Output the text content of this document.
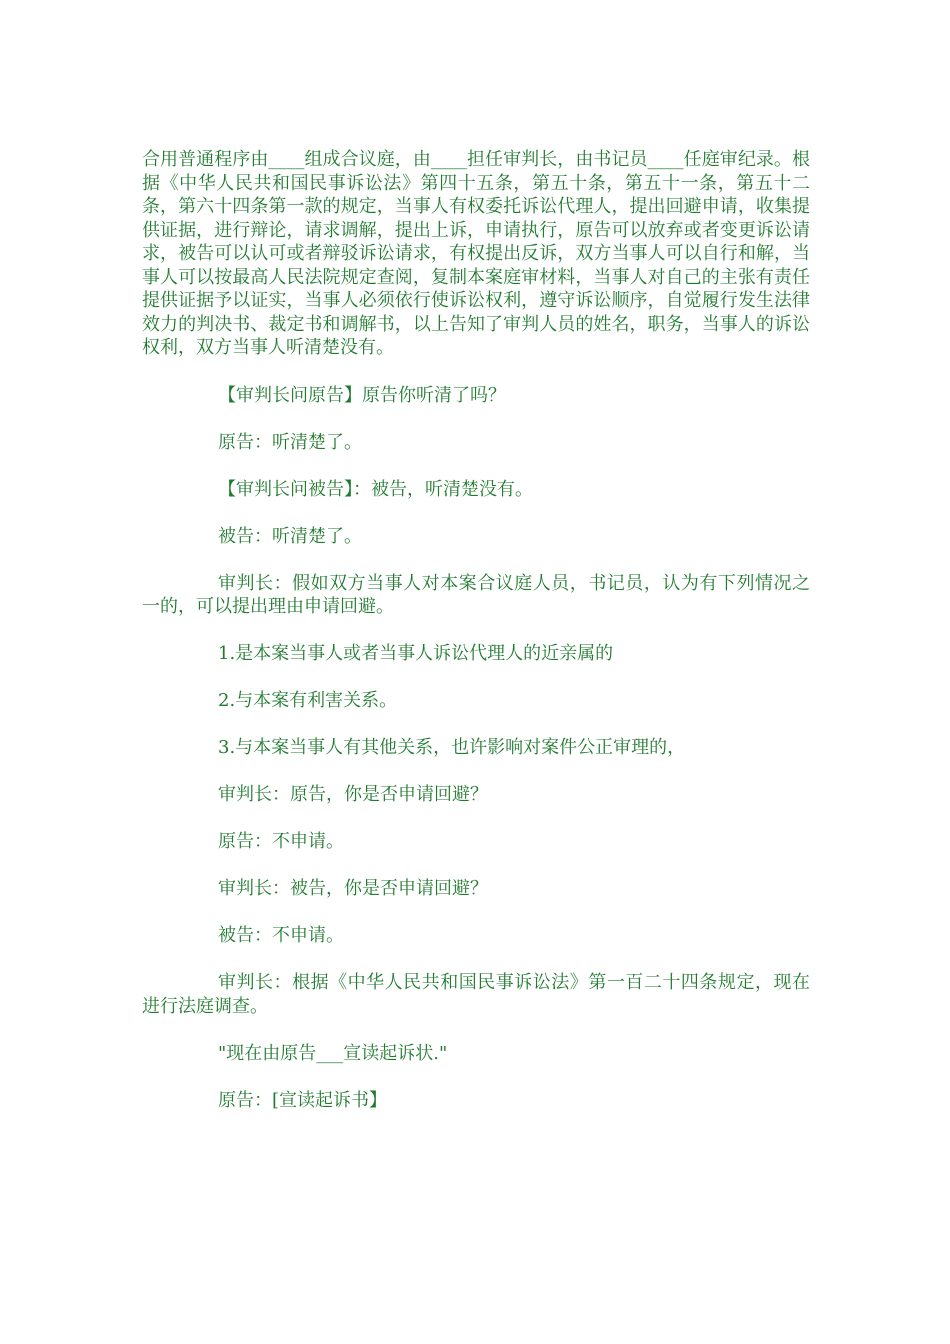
合用普通程序由____组成合议庭，由____担任审判长，由书记员____任庭审纪录。根据《中华人民共和国民事诉讼法》第四十五条，第五十条，第五十一条，第五十二条，第六十四条第一款的规定，当事人有权委托诉讼代理人，提出回避申请，收集提供证据，进行辩论，请求调解，提出上诉，申请执行，原告可以放弃或者变更诉讼请求，被告可以认可或者辩驳诉讼请求，有权提出反诉，双方当事人可以自行和解，当事人可以按最高人民法院规定查阅，复制本案庭审材料，当事人对自己的主张有责任提供证据予以证实，当事人必须依行使诉讼权利，遵守诉讼顺序，自觉履行发生法律效力的判决书、裁定书和调解书，以上告知了审判人员的姓名，职务，当事人的诉讼权利，双方当事人听清楚没有。

【审判长问原告】原告你听清了吗？

原告：听清楚了。

【审判长问被告】：被告，听清楚没有。

被告：听清楚了。

审判长：假如双方当事人对本案合议庭人员，书记员，认为有下列情况之一的，可以提出理由申请回避。

1.是本案当事人或者当事人诉讼代理人的近亲属的

2.与本案有利害关系。

3.与本案当事人有其他关系，也许影响对案件公正审理的，

审判长：原告，你是否申请回避？

原告：不申请。

审判长：被告，你是否申请回避？

被告：不申请。

审判长：根据《中华人民共和国民事诉讼法》第一百二十四条规定，现在进行法庭调查。

"现在由原告___宣读起诉状."

原告：[宣读起诉书】
